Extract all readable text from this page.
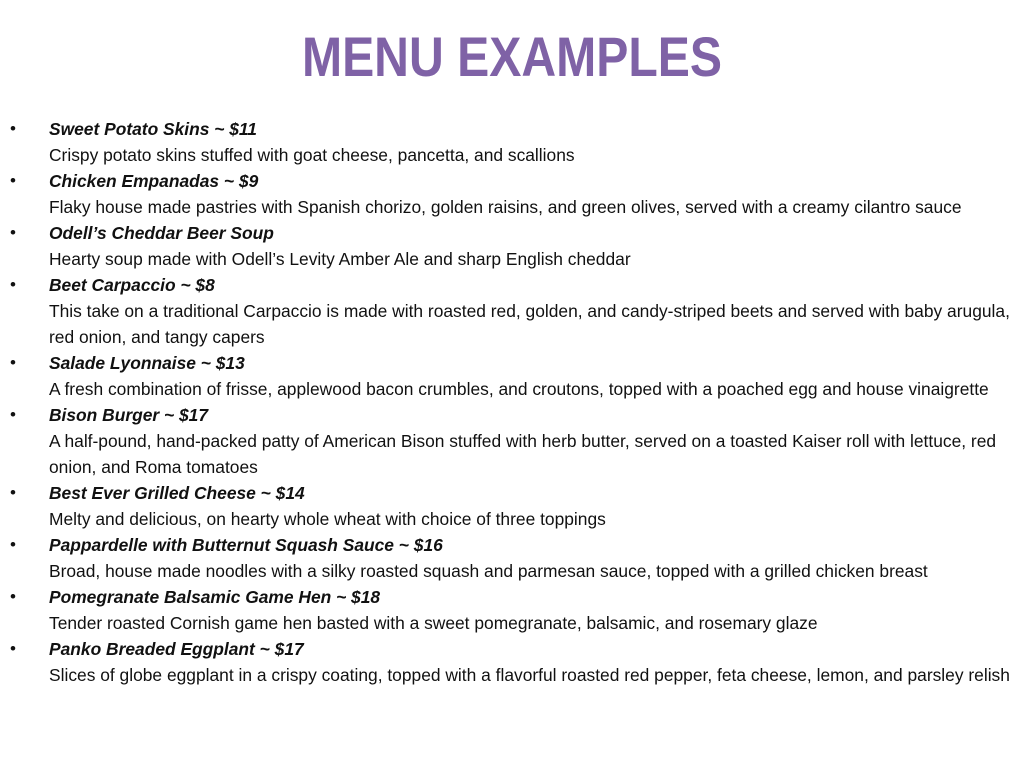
MENU EXAMPLES
•	Sweet Potato Skins ~ $11
Crispy potato skins stuffed with goat cheese, pancetta, and scallions
•	Chicken Empanadas ~ $9
Flaky house made pastries with Spanish chorizo, golden raisins, and green olives, served with a creamy cilantro sauce
•	Odell’s Cheddar Beer Soup
Hearty soup made with Odell’s Levity Amber Ale and sharp English cheddar
•	Beet Carpaccio ~ $8
This take on a traditional Carpaccio is made with roasted red, golden, and candy-striped beets and served with baby arugula, red onion, and tangy capers
•	Salade Lyonnaise ~ $13
A fresh combination of frisse, applewood bacon crumbles, and croutons, topped with a poached egg and house vinaigrette
•	Bison Burger ~ $17
A half-pound, hand-packed patty of American Bison stuffed with herb butter, served on a toasted Kaiser roll with lettuce, red onion, and Roma tomatoes
•	Best Ever Grilled Cheese ~ $14
Melty and delicious, on hearty whole wheat with choice of three toppings
•	Pappardelle with Butternut Squash Sauce ~ $16
Broad, house made noodles with a silky roasted squash and parmesan sauce, topped with a grilled chicken breast
•	Pomegranate Balsamic Game Hen ~ $18
Tender roasted Cornish game hen basted with a sweet pomegranate, balsamic, and rosemary glaze
•	Panko Breaded Eggplant ~ $17
Slices of globe eggplant in a crispy coating, topped with a flavorful roasted red pepper, feta cheese, lemon, and parsley relish
